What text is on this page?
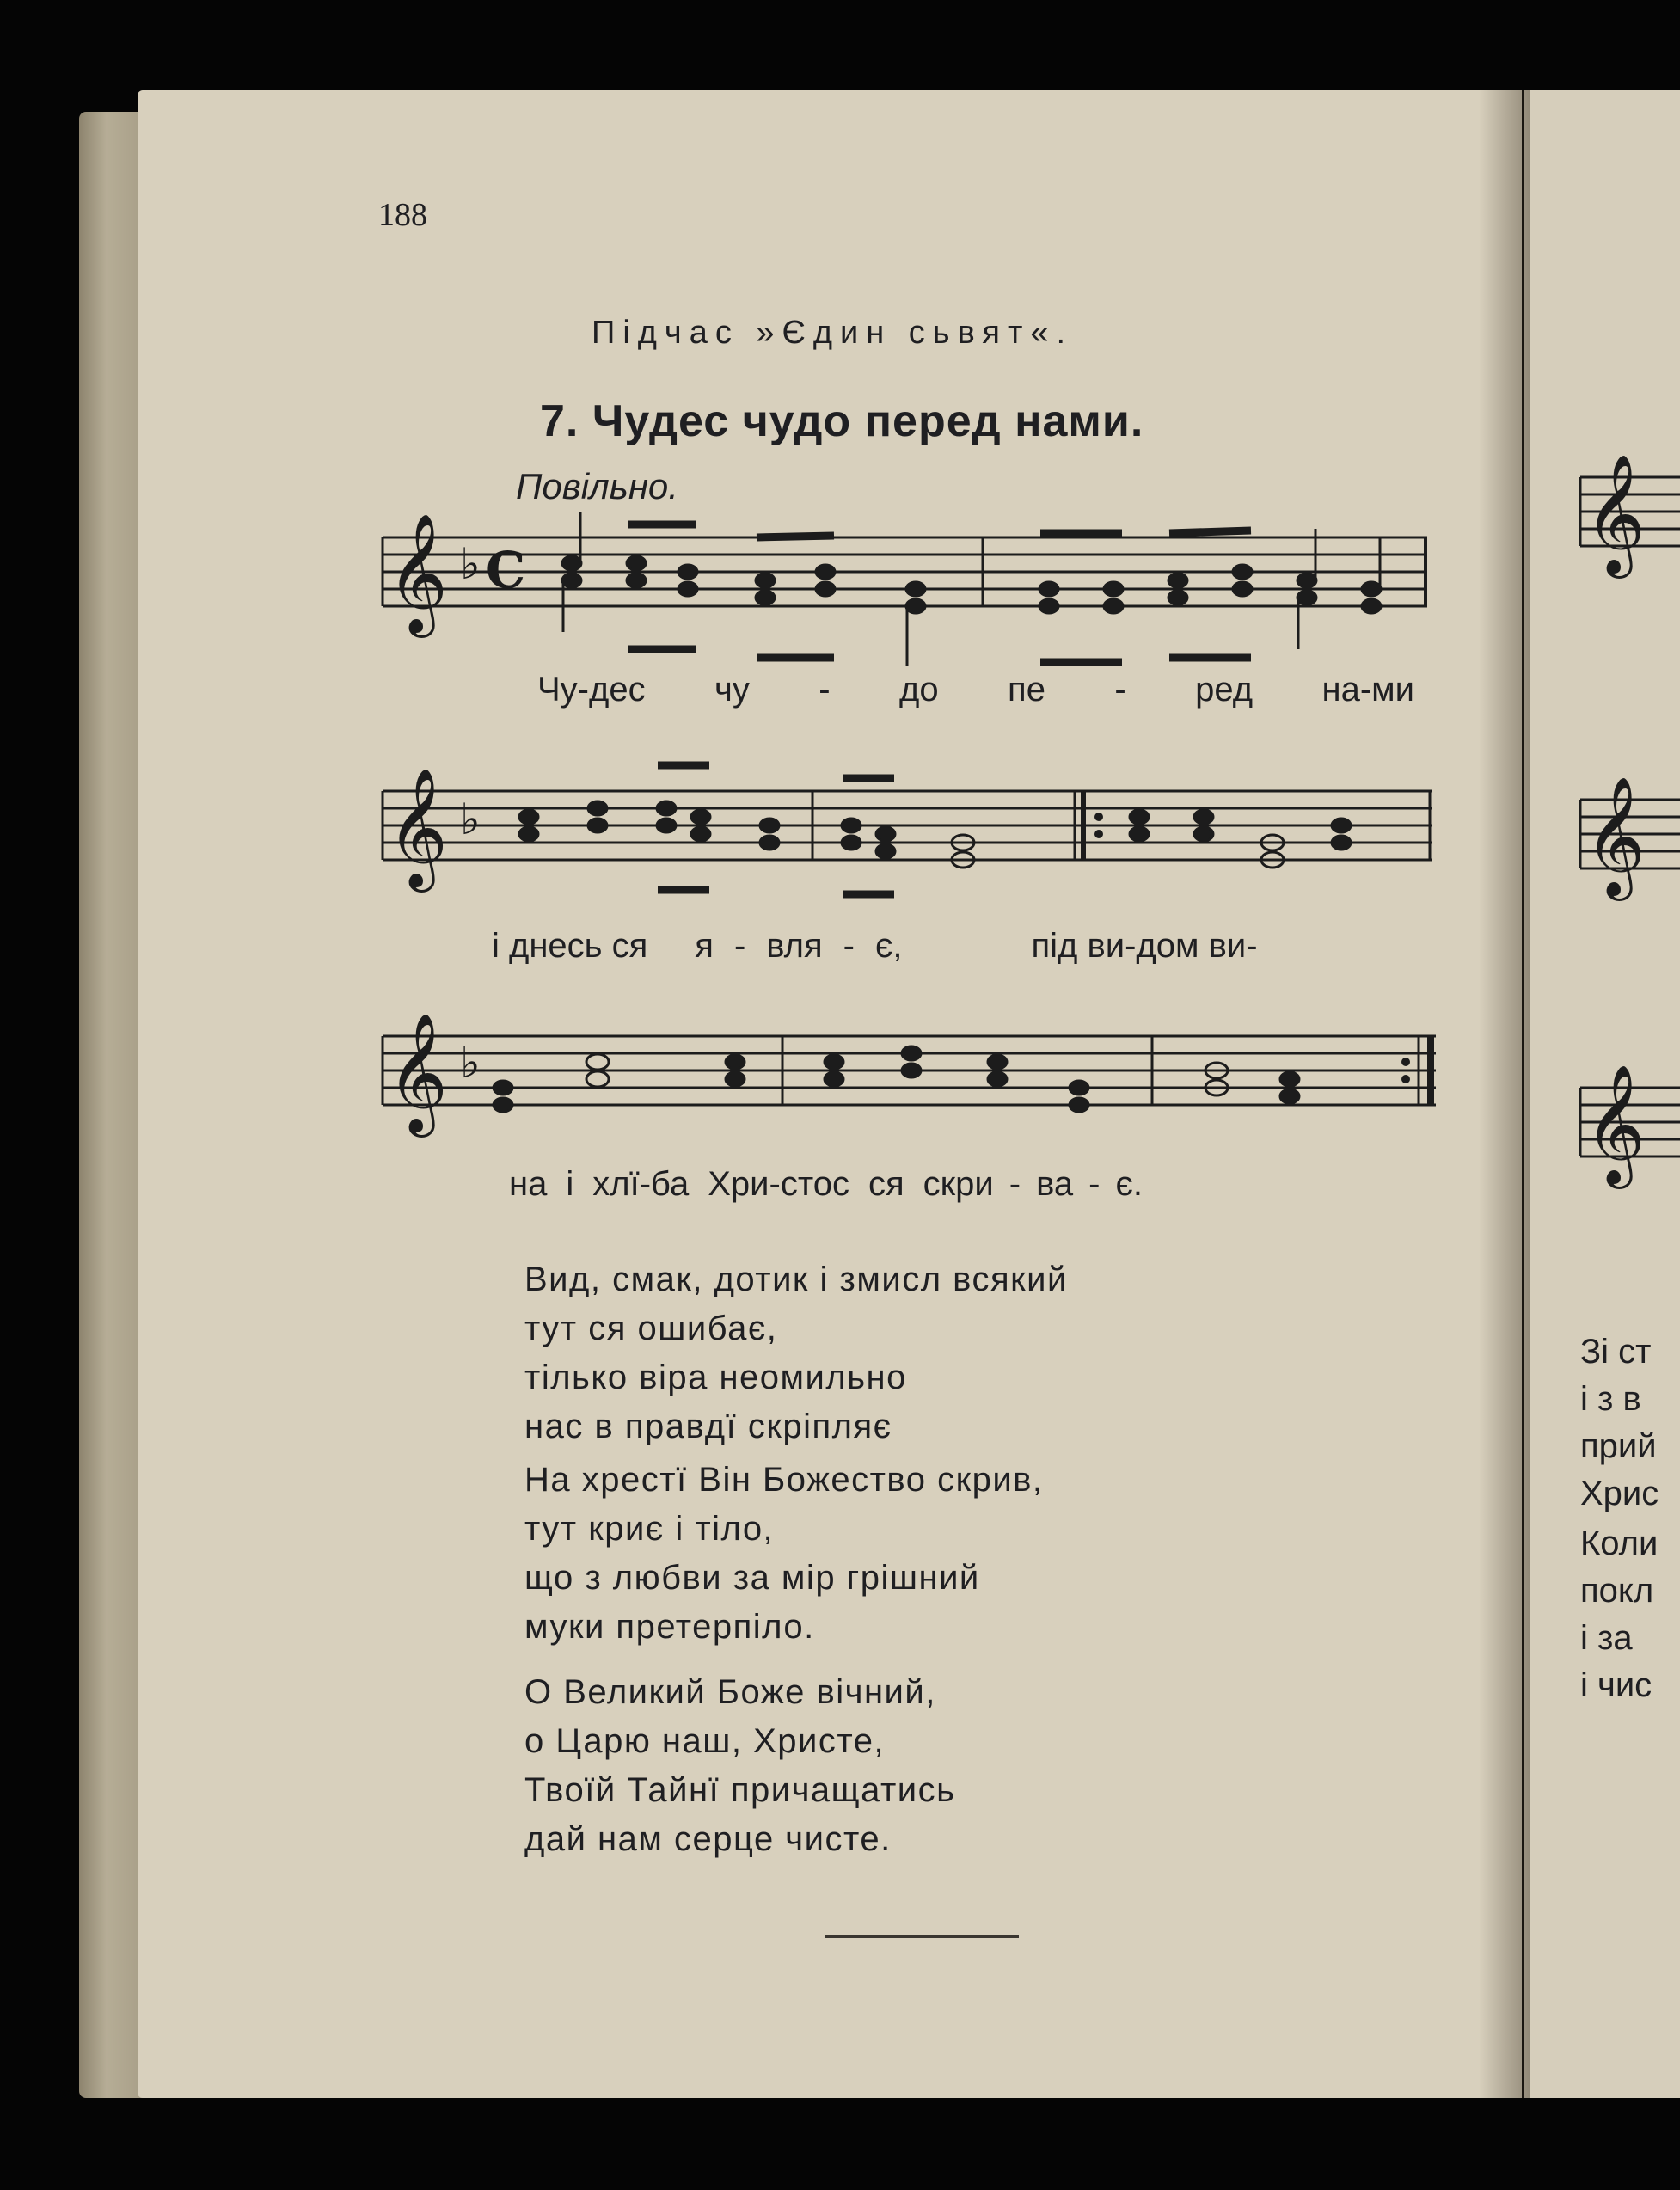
188
Підчас »Єдин сьвят«.
7. Чудес чудо перед нами.
Повільно.
𝄞 ♭ C
Чу-дес чу - до пе - ред на-ми
𝄞 ♭
і днесь ся я - вля - є,	під ви-дом ви-
𝄞 ♭
на і хлї-ба Хри-стос ся скри - ва - є.
Вид, смак, дотик і змисл всякий
тут ся ошибає,
тілько віра неомильно
нас в правдї скріпляє
На хрестї Він Божество скрив,
тут криє і тіло,
що з любви за мір грішний
муки претерпіло.
О Великий Боже вічний,
о Царю наш, Христе,
Твоїй Тайнї причащатись
дай нам серце чисте.
𝄞
𝄞
𝄞
Зі ст
і з в
прий
Хрис
Коли
покл
і за
і чис
